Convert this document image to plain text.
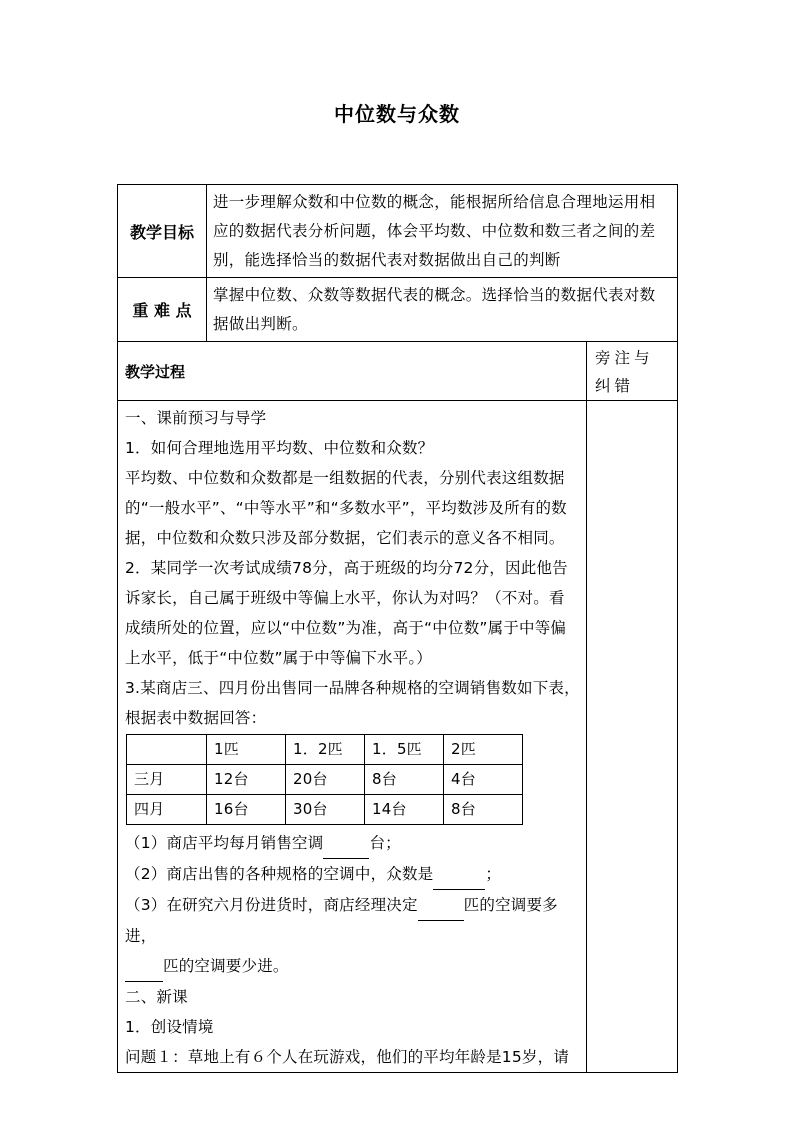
中位数与众数
教学目标	进一步理解众数和中位数的概念，能根据所给信息合理地运用相应的数据代表分析问题，体会平均数、中位数和数三者之间的差别，能选择恰当的数据代表对数据做出自己的判断
重 难 点	掌握中位数、众数等数据代表的概念。选择恰当的数据代表对数据做出判断。
教学过程	旁注与纠错

一、课前预习与导学

1．如何合理地选用平均数、中位数和众数？

平均数、中位数和众数都是一组数据的代表，分别代表这组数据的“一般水平”、“中等水平”和“多数水平”，平均数涉及所有的数据，中位数和众数只涉及部分数据，它们表示的意义各不相同。

2．某同学一次考试成绩78分，高于班级的均分72分，因此他告诉家长，自己属于班级中等偏上水平，你认为对吗？（不对。看成绩所处的位置，应以“中位数”为准，高于“中位数”属于中等偏上水平，低于“中位数”属于中等偏下水平。）

3.某商店三、四月份出售同一品牌各种规格的空调销售数如下表，根据表中数据回答：

	1匹	1．2匹	1．5匹	2匹
三月	12台	20台	8台	4台
四月	16台	30台	14台	8台

（1）商店平均每月销售空调	台；

（2）商店出售的各种规格的空调中，众数是	；

（3）在研究六月份进货时，商店经理决定	匹的空调要多进，
匹的空调要少进。

二、新课

1．创设情境

问题１：草地上有６个人在玩游戏，他们的平均年龄是15岁，请
